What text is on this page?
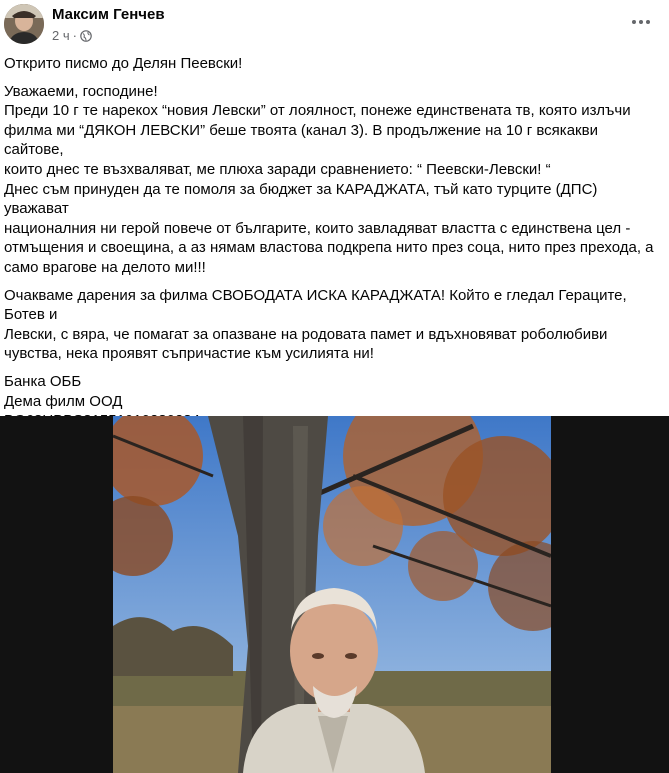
Максим Генчев
2 ч ·

Открито писмо до Делян Пеевски!

Уважаеми, господине!
Преди 10 г те нарекох “новия Левски” от лоялност, понеже единствената тв, която излъчи
филма ми “ДЯКОН ЛЕВСКИ” беше твоята (канал 3). В продължение на 10 г всякакви сайтове,
които днес те възхваляват, ме плюха заради сравнението: “ Пеевски-Левски! “
Днес съм принуден да те помоля за бюджет за КАРАДЖАТА, тъй като турците (ДПС) уважават
националния ни герой повече от българите, които завладяват властта с единствена цел -
отмъщения и своещина, а аз нямам властова подкрепа нито през соца, нито през прехода, а
само врагове на делото ми!!!

Очакваме дарения за филма СВОБОДАТА ИСКА КАРАДЖАТА! Който е гледал Гераците, Ботев и
Левски, с вяра, че помагат за опазване на родовата памет и вдъхновяват роболюбиви
чувства, нека проявят съпричастие към усилията ни!

Банка ОББ
Дема филм ООД
